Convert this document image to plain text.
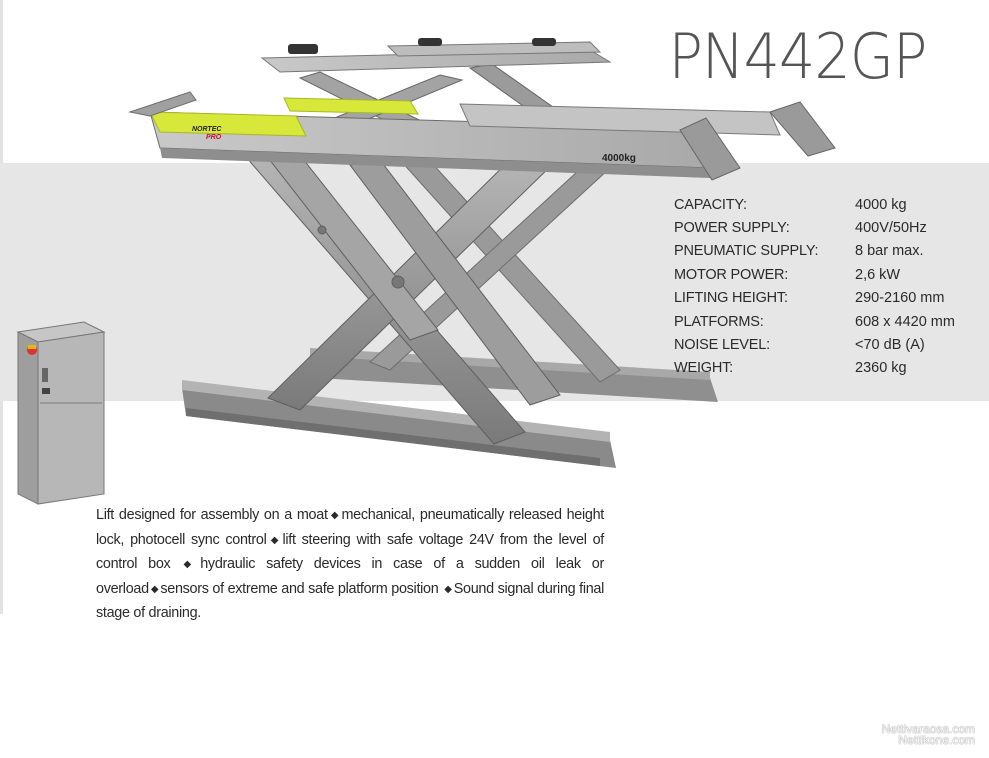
PN442GP
4000kg
NORTEC
PRO
CAPACITY:	4000 kg
POWER SUPPLY:	400V/50Hz
PNEUMATIC SUPPLY:	8 bar max.
MOTOR POWER:	2,6 kW
LIFTING HEIGHT:	290-2160 mm
PLATFORMS:	608 x 4420 mm
NOISE LEVEL:	<70 dB (A)
WEIGHT:	2360 kg
Lift designed for assembly on a moat ◆ mechanical, pneumatically released height lock, photocell sync control ◆ lift steering with safe voltage 24V from the level of control box ◆ hydraulic safety devices in case of a sudden oil leak or overload ◆ sensors of extreme and safe platform position ◆ Sound signal during final stage of draining.
Nettivaraosa.com
Nettikone.com
